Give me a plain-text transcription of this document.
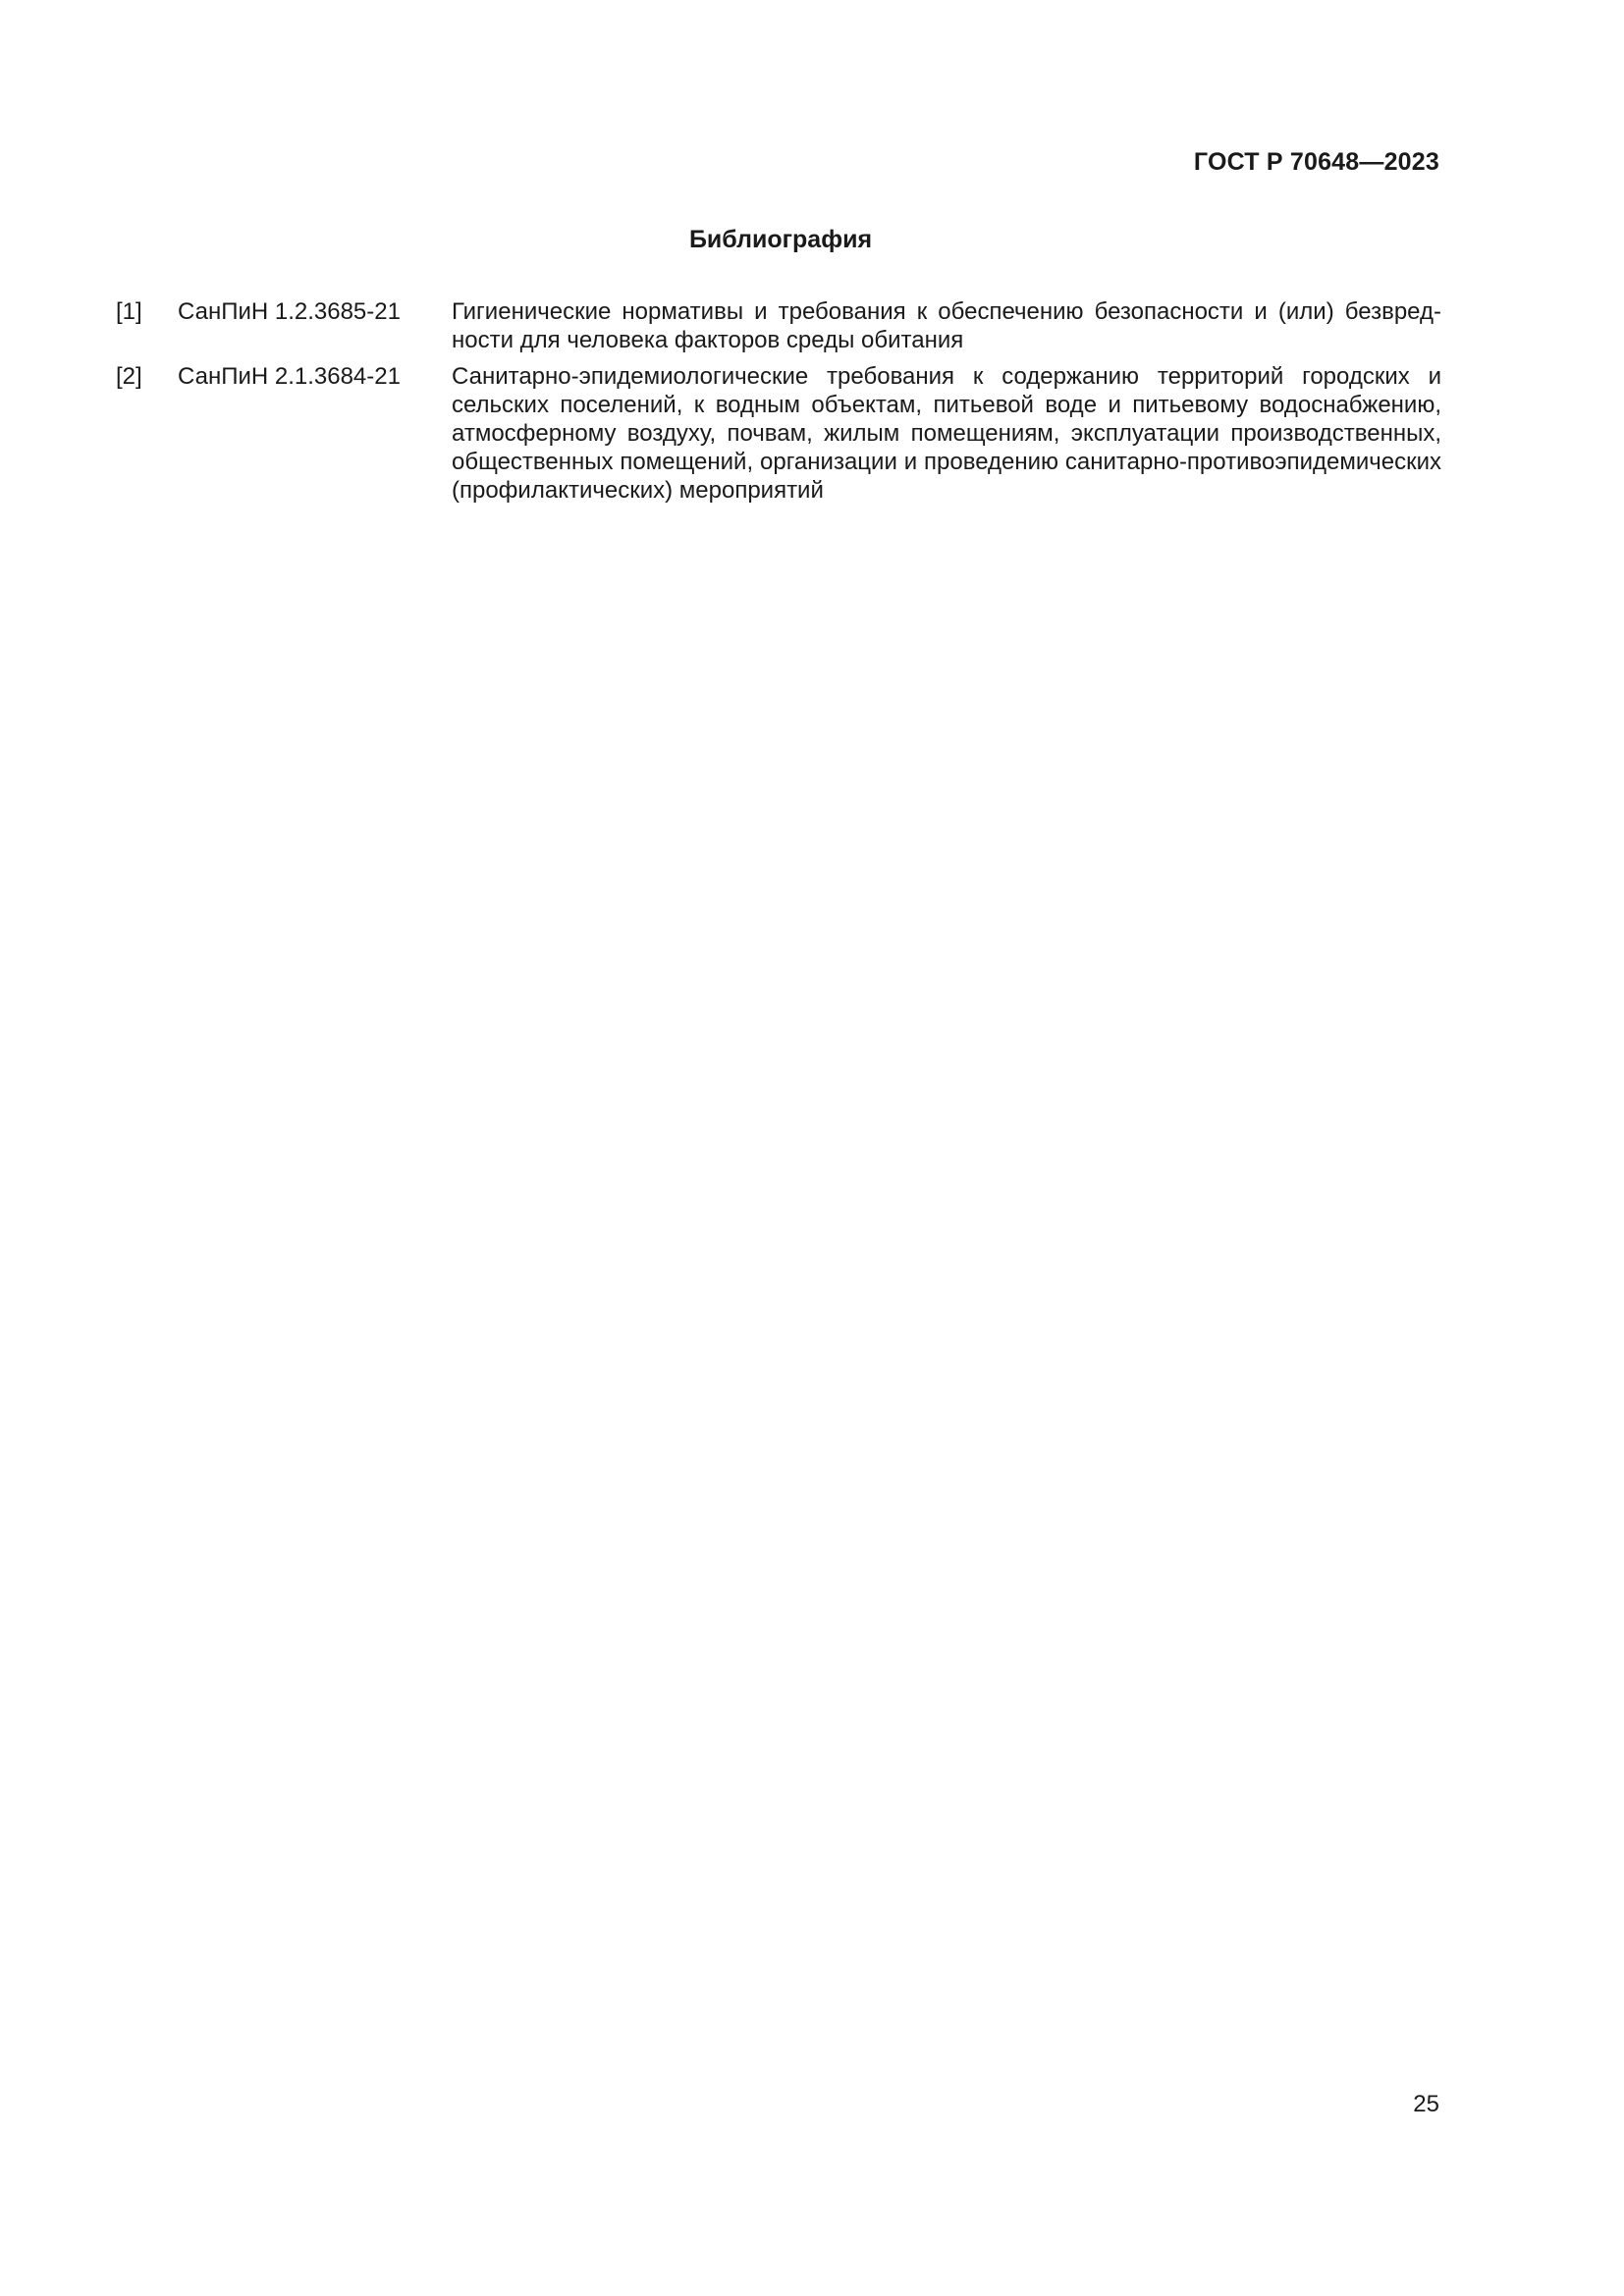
ГОСТ Р 70648—2023
Библиография
[1]	СанПиН 1.2.3685-21	Гигиенические нормативы и требования к обеспечению безопасности и (или) безвредности для человека факторов среды обитания
[2]	СанПиН 2.1.3684-21	Санитарно-эпидемиологические требования к содержанию территорий городских и сельских поселений, к водным объектам, питьевой воде и питьевому водоснабжению, атмосферному воздуху, почвам, жилым помещениям, эксплуатации производственных, общественных помещений, организации и проведению санитарно-противоэпидемических (профилактических) мероприятий
25
